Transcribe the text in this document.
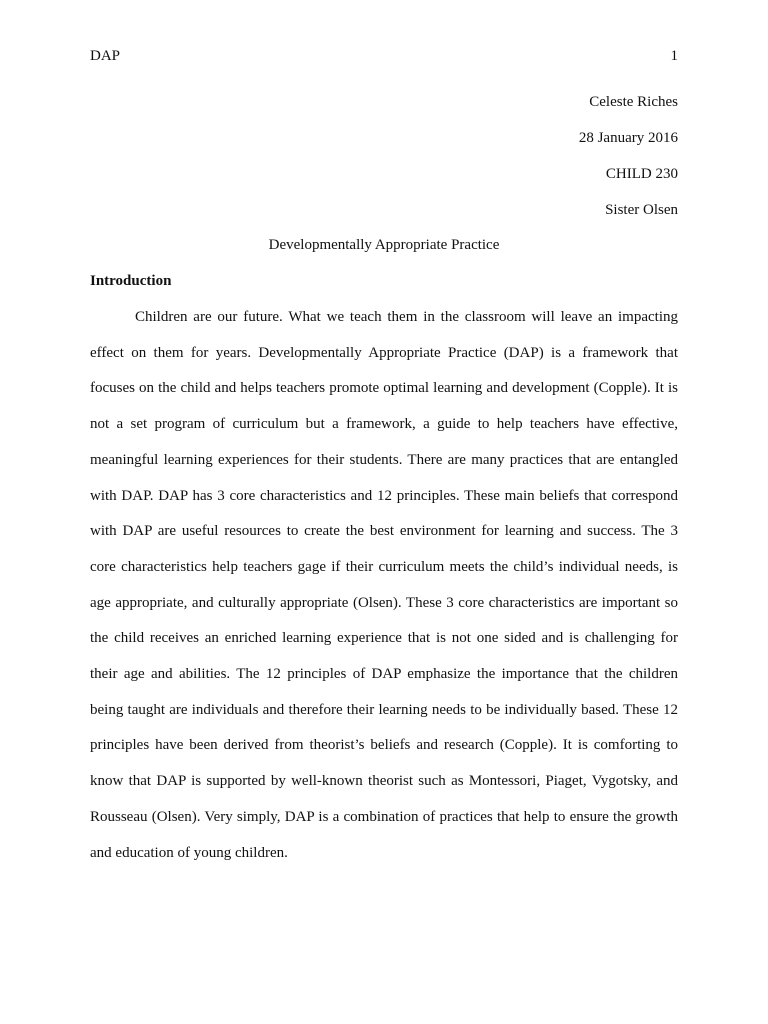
DAP	1
Celeste Riches
28 January 2016
CHILD 230
Sister Olsen
Developmentally Appropriate Practice
Introduction
Children are our future. What we teach them in the classroom will leave an impacting
effect on them for years. Developmentally Appropriate Practice (DAP) is a framework that
focuses on the child and helps teachers promote optimal learning and development (Copple). It is
not a set program of curriculum but a framework, a guide to help teachers have effective,
meaningful learning experiences for their students. There are many practices that are entangled
with DAP. DAP has 3 core characteristics and 12 principles. These main beliefs that correspond
with DAP are useful resources to create the best environment for learning and success. The 3
core characteristics help teachers gage if their curriculum meets the child’s individual needs, is
age appropriate, and culturally appropriate (Olsen). These 3 core characteristics are important so
the child receives an enriched learning experience that is not one sided and is challenging for
their age and abilities. The 12 principles of DAP emphasize the importance that the children
being taught are individuals and therefore their learning needs to be individually based. These 12
principles have been derived from theorist’s beliefs and research (Copple). It is comforting to
know that DAP is supported by well-known theorist such as Montessori, Piaget, Vygotsky, and
Rousseau (Olsen). Very simply, DAP is a combination of practices that help to ensure the growth
and education of young children.
